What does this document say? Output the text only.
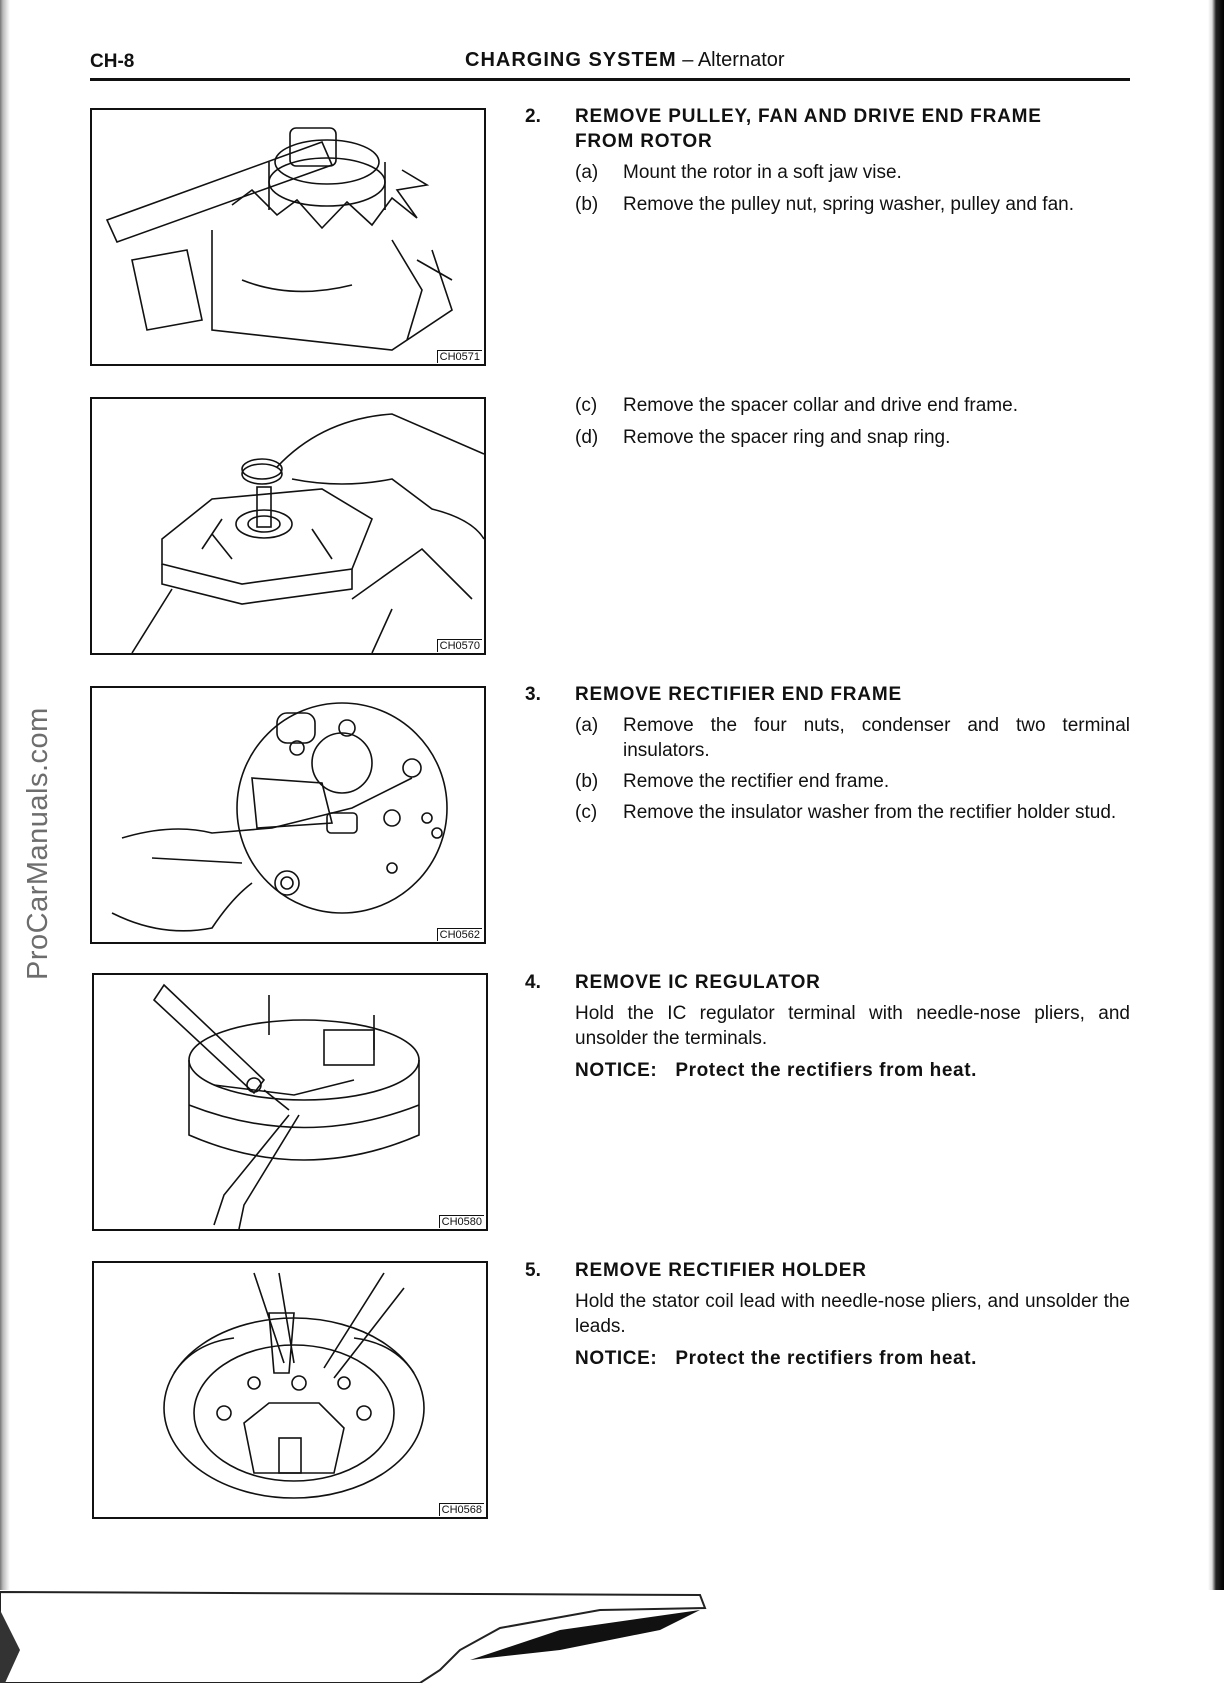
ProCarManuals.com
CH-8	CHARGING SYSTEM – Alternator
CH0571
CH0570
CH0562
CH0580
CH0568
2. REMOVE PULLEY, FAN AND DRIVE END FRAME FROM ROTOR
(a) Mount the rotor in a soft jaw vise.
(b) Remove the pulley nut, spring washer, pulley and fan.
(c) Remove the spacer collar and drive end frame.
(d) Remove the spacer ring and snap ring.
3. REMOVE RECTIFIER END FRAME
(a) Remove the four nuts, condenser and two terminal insulators.
(b) Remove the rectifier end frame.
(c) Remove the insulator washer from the rectifier holder stud.
4. REMOVE IC REGULATOR
Hold the IC regulator terminal with needle-nose pliers, and unsolder the terminals.
NOTICE: Protect the rectifiers from heat.
5. REMOVE RECTIFIER HOLDER
Hold the stator coil lead with needle-nose pliers, and unsolder the leads.
NOTICE: Protect the rectifiers from heat.
